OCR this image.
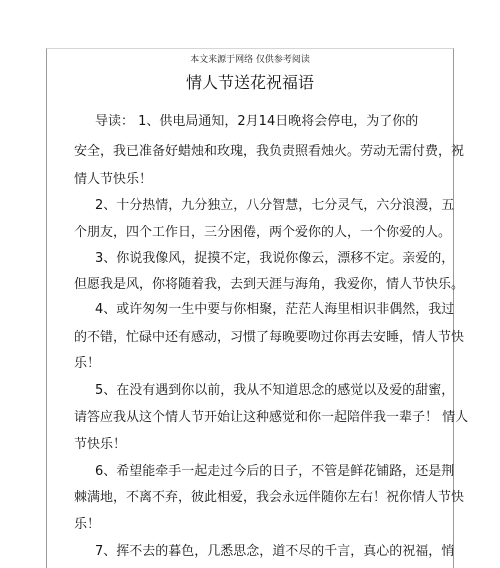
本文来源于网络 仅供参考阅读
情人节送花祝福语
导读： 1、供电局通知，2月14日晚将会停电，为了你的
安全，我已准备好蜡烛和玫瑰，我负责照看烛火。劳动无需付费，祝
情人节快乐！
2、十分热情，九分独立，八分智慧，七分灵气，六分浪漫，五
个朋友，四个工作日，三分困倦，两个爱你的人，一个你爱的人。
3、你说我像风，捉摸不定，我说你像云，漂移不定。亲爱的，
但愿我是风，你将随着我，去到天涯与海角，我爱你，情人节快乐。
4、或许匆匆一生中要与你相聚，茫茫人海里相识非偶然，我过
的不错，忙碌中还有感动，习惯了每晚要吻过你再去安睡，情人节快
乐！
5、在没有遇到你以前，我从不知道思念的感觉以及爱的甜蜜，
请答应我从这个情人节开始让这种感觉和你一起陪伴我一辈子！ 情人
节快乐！
6、希望能牵手一起走过今后的日子，不管是鲜花铺路，还是荆
棘满地，不离不弃，彼此相爱，我会永远伴随你左右！祝你情人节快
乐！
7、挥不去的暮色，几悉思念，道不尽的千言，真心的祝福，悄
